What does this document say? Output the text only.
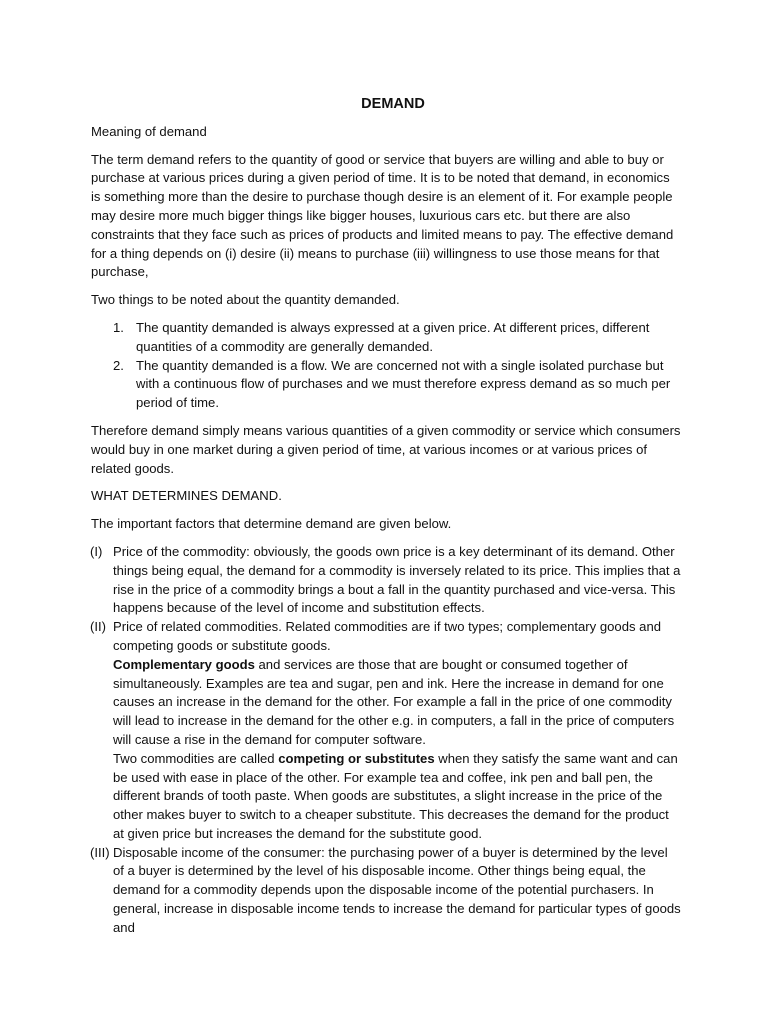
DEMAND

Meaning of demand

The term demand refers to the quantity of good or service that buyers are willing and able to buy or purchase at various prices during a given period of time. It is to be noted that demand, in economics is something more than the desire to purchase though desire is an element of it. For example people may desire more much bigger things like bigger houses, luxurious cars etc. but there are also constraints that they face such as prices of products and limited means to pay. The effective demand for a thing depends on (i) desire (ii) means to purchase (iii) willingness to use those means for that purchase,

Two things to be noted about the quantity demanded.

1. The quantity demanded is always expressed at a given price. At different prices, different quantities of a commodity are generally demanded.
2. The quantity demanded is a flow. We are concerned not with a single isolated purchase but with a continuous flow of purchases and we must therefore express demand as so much per period of time.

Therefore demand simply means various quantities of a given commodity or service which consumers would buy in one market during a given period of time, at various incomes or at various prices of related goods.

WHAT DETERMINES DEMAND.

The important factors that determine demand are given below.

(I) Price of the commodity: obviously, the goods own price is a key determinant of its demand. Other things being equal, the demand for a commodity is inversely related to its price. This implies that a rise in the price of a commodity brings a bout a fall in the quantity purchased and vice-versa. This happens because of the level of income and substitution effects.
(II) Price of related commodities. Related commodities are if two types; complementary goods and competing goods or substitute goods.
Complementary goods and services are those that are bought or consumed together of simultaneously. Examples are tea and sugar, pen and ink. Here the increase in demand for one causes an increase in the demand for the other. For example a fall in the price of one commodity will lead to increase in the demand for the other e.g. in computers, a fall in the price of computers will cause a rise in the demand for computer software.
Two commodities are called competing or substitutes when they satisfy the same want and can be used with ease in place of the other. For example tea and coffee, ink pen and ball pen, the different brands of tooth paste. When goods are substitutes, a slight increase in the price of the other makes buyer to switch to a cheaper substitute. This decreases the demand for the product at given price but increases the demand for the substitute good.
(III) Disposable income of the consumer: the purchasing power of a buyer is determined by the level of a buyer is determined by the level of his disposable income. Other things being equal, the demand for a commodity depends upon the disposable income of the potential purchasers. In general, increase in disposable income tends to increase the demand for particular types of goods and
